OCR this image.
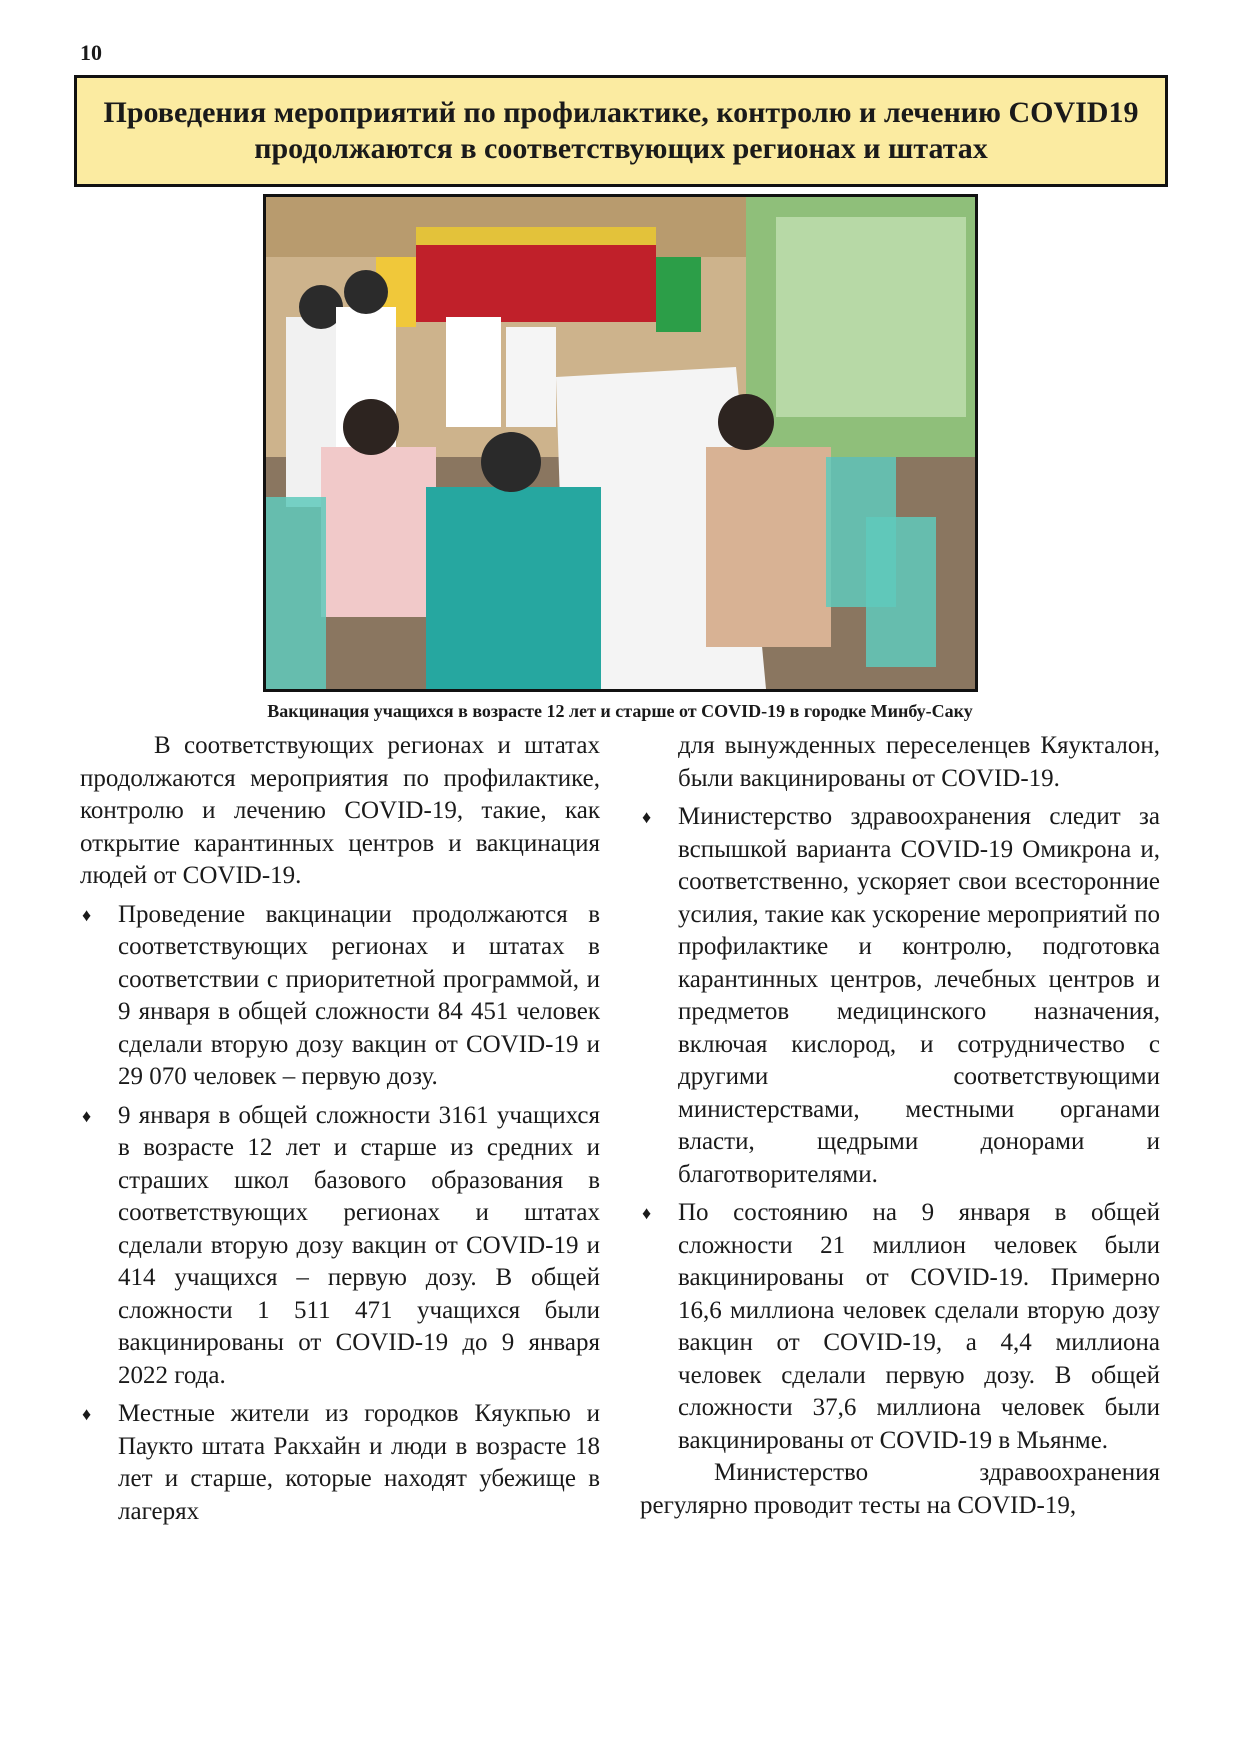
10
Проведения мероприятий по профилактике, контролю и лечению COVID19 продолжаются в соответствующих регионах и штатах
Вакцинация учащихся в возрасте 12 лет и старше от COVID-19 в городке Минбу-Саку

В соответствующих регионах и штатах продолжаются мероприятия по профилактике, контролю и лечению COVID-19, такие, как открытие карантинных центров и вакцинация людей от COVID-19.

♦ Проведение вакцинации продолжаются в соответствующих регионах и штатах в соответствии с приоритетной программой, и 9 января в общей сложности 84 451 человек сделали вторую дозу вакцин от COVID-19 и 29 070 человек – первую дозу.
♦ 9 января в общей сложности 3161 учащихся в возрасте 12 лет и старше из средних и страших школ базового образования в соответствующих регионах и штатах сделали вторую дозу вакцин от COVID-19 и 414 учащихся – первую дозу. В общей сложности 1 511 471 учащихся были вакцинированы от COVID-19 до 9 января 2022 года.
♦ Местные жители из городков Кяукпью и Паукто штата Ракхайн и люди в возрасте 18 лет и старше, которые находят убежище в лагерях
для вынужденных переселенцев Кяукталон, были вакцинированы от COVID-19.
♦ Министерство здравоохранения следит за вспышкой варианта COVID-19 Омикрона и, соответственно, ускоряет свои всесторонние усилия, такие как ускорение мероприятий по профилактике и контролю, подготовка карантинных центров, лечебных центров и предметов медицинского назначения, включая кислород, и сотрудничество с другими соответствующими министерствами, местными органами власти, щедрыми донорами и благотворителями.
♦ По состоянию на 9 января в общей сложности 21 миллион человек были вакцинированы от COVID-19. Примерно 16,6 миллиона человек сделали вторую дозу вакцин от COVID-19, а 4,4 миллиона человек сделали первую дозу. В общей сложности 37,6 миллиона человек были вакцинированы от COVID-19 в Мьянме.

Министерство здравоохранения регулярно проводит тесты на COVID-19,
